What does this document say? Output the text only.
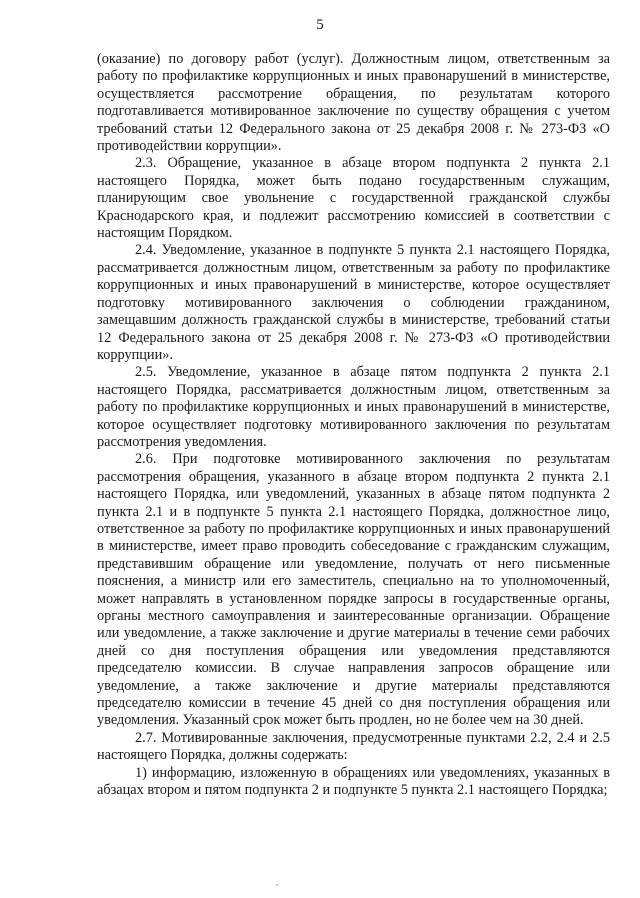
5

(оказание) по договору работ (услуг). Должностным лицом, ответственным за работу по профилактике коррупционных и иных правонарушений в министерстве, осуществляется рассмотрение обращения, по результатам которого подготавливается мотивированное заключение по существу обращения с учетом требований статьи 12 Федерального закона от 25 декабря 2008 г. № 273-ФЗ «О противодействии коррупции».

2.3. Обращение, указанное в абзаце втором подпункта 2 пункта 2.1 настоящего Порядка, может быть подано государственным служащим, планирующим свое увольнение с государственной гражданской службы Краснодарского края, и подлежит рассмотрению комиссией в соответствии с настоящим Порядком.

2.4. Уведомление, указанное в подпункте 5 пункта 2.1 настоящего Порядка, рассматривается должностным лицом, ответственным за работу по профилактике коррупционных и иных правонарушений в министерстве, которое осуществляет подготовку мотивированного заключения о соблюдении гражданином, замещавшим должность гражданской службы в министерстве, требований статьи 12 Федерального закона от 25 декабря 2008 г. № 273-ФЗ «О противодействии коррупции».

2.5. Уведомление, указанное в абзаце пятом подпункта 2 пункта 2.1 настоящего Порядка, рассматривается должностным лицом, ответственным за работу по профилактике коррупционных и иных правонарушений в министерстве, которое осуществляет подготовку мотивированного заключения по результатам рассмотрения уведомления.

2.6. При подготовке мотивированного заключения по результатам рассмотрения обращения, указанного в абзаце втором подпункта 2 пункта 2.1 настоящего Порядка, или уведомлений, указанных в абзаце пятом подпункта 2 пункта 2.1 и в подпункте 5 пункта 2.1 настоящего Порядка, должностное лицо, ответственное за работу по профилактике коррупционных и иных правонарушений в министерстве, имеет право проводить собеседование с гражданским служащим, представившим обращение или уведомление, получать от него письменные пояснения, а министр или его заместитель, специально на то уполномоченный, может направлять в установленном порядке запросы в государственные органы, органы местного самоуправления и заинтересованные организации. Обращение или уведомление, а также заключение и другие материалы в течение семи рабочих дней со дня поступления обращения или уведомления представляются председателю комиссии. В случае направления запросов обращение или уведомление, а также заключение и другие материалы представляются председателю комиссии в течение 45 дней со дня поступления обращения или уведомления. Указанный срок может быть продлен, но не более чем на 30 дней.

2.7. Мотивированные заключения, предусмотренные пунктами 2.2, 2.4 и 2.5 настоящего Порядка, должны содержать:

1) информацию, изложенную в обращениях или уведомлениях, указанных в абзацах втором и пятом подпункта 2 и подпункте 5 пункта 2.1 настоящего Порядка;
